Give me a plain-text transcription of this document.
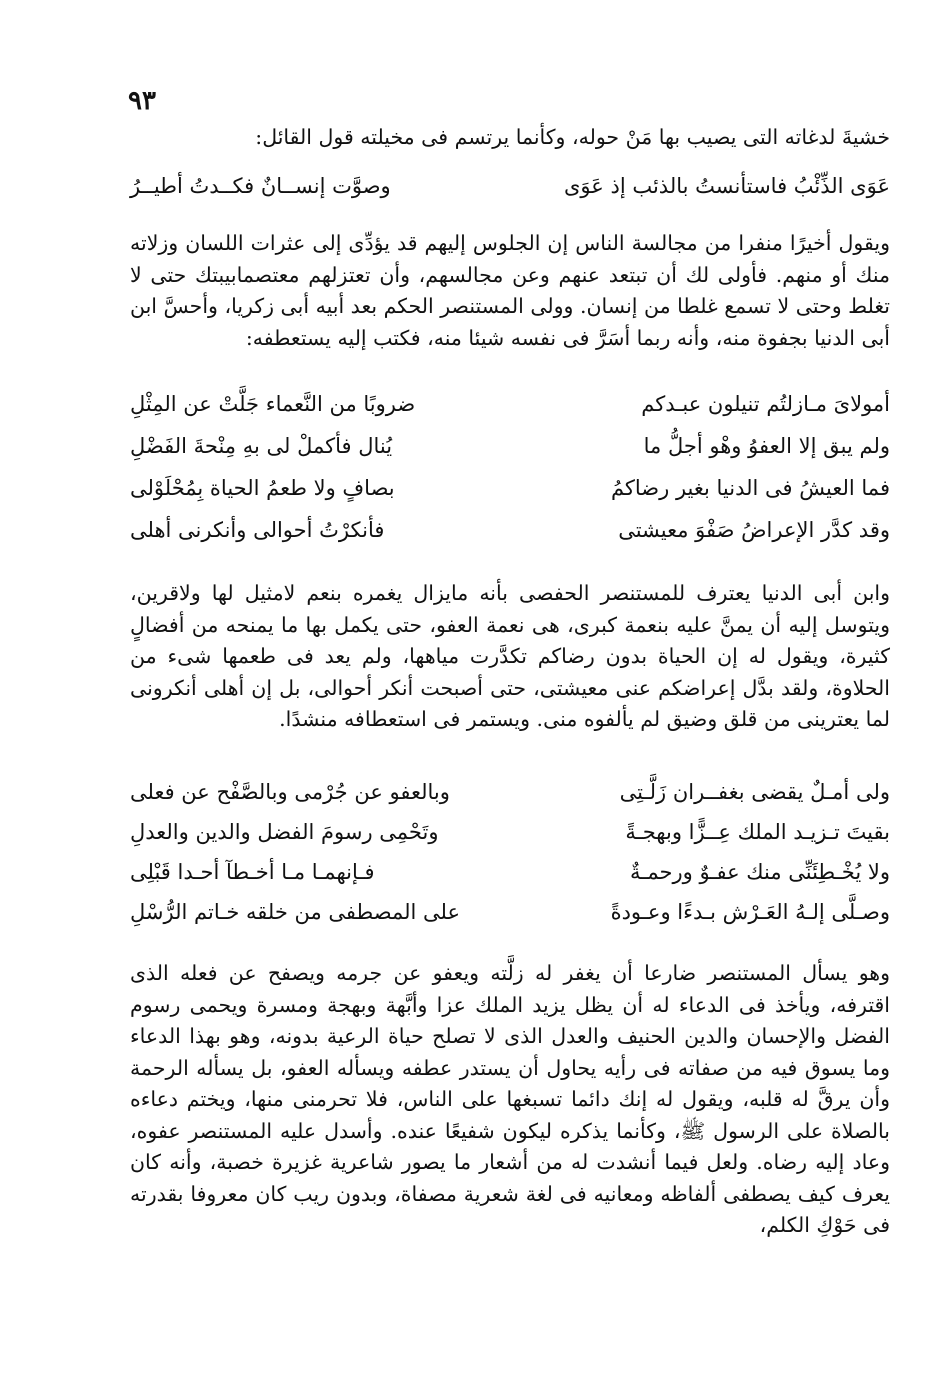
٩٣
خشيةَ لدغاته التى يصيب بها مَنْ حوله، وكأنما يرتسم فى مخيلته قول القائل:
عَوَى الذِّئْبُ فاستأنستُ بالذئب إذ عَوَى
وصوَّت إنســانٌ فكــدتُ أطيــرُ
ويقول أخيرًا منفرا من مجالسة الناس إن الجلوس إليهم قد يؤدِّى إلى عثرات اللسان وزلاته منك أو منهم. فأولى لك أن تبتعد عنهم وعن مجالسهم، وأن تعتزلهم معتصمابيبتك حتى لا تغلط وحتى لا تسمع غلطا من إنسان. وولى المستنصر الحكم بعد أبيه أبى زكريا، وأحسَّ ابن أبى الدنيا بجفوة منه، وأنه ربما أسَرَّ فى نفسه شيئا منه، فكتب إليه يستعطفه:
أمولاىَ مـازلتُم تنيلون عبـدكم
ضروبًا من النَّعماء جَلَّتْ عن المِثْلِ
ولم يبق إلا العفوُ وهْو أجلُّ ما
يُنال فأكملْ لى بهِ مِنْحةَ الفَضْلِ
فما العيشُ فى الدنيا بغير رضاكمُ
بصافٍ ولا طعمُ الحياة بِمُحْلَوْلى
وقد كدَّر الإعراضُ صَفْوَ معيشتى
فأنكرْتُ أحوالى وأنكرنى أهلى
وابن أبى الدنيا يعترف للمستنصر الحفصى بأنه مايزال يغمره بنعم لامثيل لها ولاقرين، ويتوسل إليه أن يمنَّ عليه بنعمة كبرى، هى نعمة العفو، حتى يكمل بها ما يمنحه من أفضالٍ كثيرة، ويقول له إن الحياة بدون رضاكم تكدَّرت مياهها، ولم يعد فى طعمها شىء من الحلاوة، ولقد بدَّل إعراضكم عنى معيشتى، حتى أصبحت أنكر أحوالى، بل إن أهلى أنكرونى لما يعترينى من قلق وضيق لم يألفوه منى. ويستمر فى استعطافه منشدًا.
ولى أمـلٌ يقضى بغفــران زَلَّـتِى
وبالعفو عن جُرْمى وبالصَّفْح عن فعلى
بقيتَ تـزيـد الملك عِــزًّا وبهجـةً
وتَحْمِى رسومَ الفضل والدين والعدلِ
ولا يُخْـطِئَنِّى منك عفـوٌ ورحمـةٌ
فـإنهمـا مـا أخـطآ أحـدا قَبْلِى
وصـلَّى إلـهُ العَـرْش بـدءًا وعـودةً
على المصطفى من خلقه خـاتم الرُّسْلِ
وهو يسأل المستنصر ضارعا أن يغفر له زلَّته ويعفو عن جرمه ويصفح عن فعله الذى اقترفه، ويأخذ فى الدعاء له أن يظل يزيد الملك عزا وأبَّهة وبهجة ومسرة ويحمى رسوم الفضل والإحسان والدين الحنيف والعدل الذى لا تصلح حياة الرعية بدونه، وهو بهذا الدعاء وما يسوق فيه من صفاته فى رأيه يحاول أن يستدر عطفه ويسأله العفو، بل يسأله الرحمة وأن يرقَّ له قلبه، ويقول له إنك دائما تسبغها على الناس، فلا تحرمنى منها، ويختم دعاءه بالصلاة على الرسول ﷺ، وكأنما يذكره ليكون شفيعًا عنده. وأسدل عليه المستنصر عفوه، وعاد إليه رضاه. ولعل فيما أنشدت له من أشعار ما يصور شاعرية غزيرة خصبة، وأنه كان يعرف كيف يصطفى ألفاظه ومعانيه فى لغة شعرية مصفاة، وبدون ريب كان معروفا بقدرته فى حَوْكِ الكلم،
